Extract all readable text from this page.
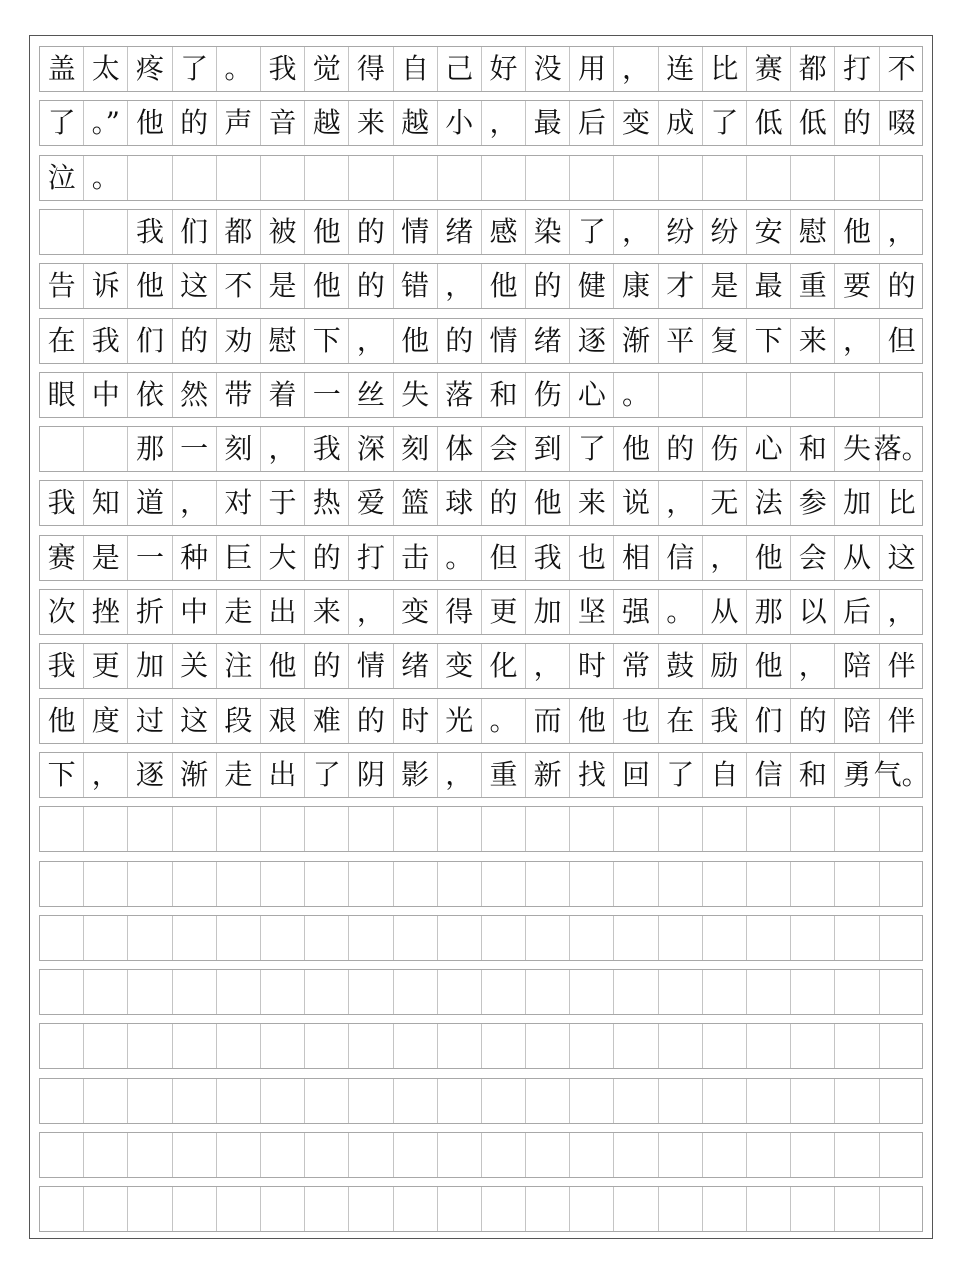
盖 太 疼 了 。 我 觉 得 自 己 好 没 用 ， 连 比 赛 都 打 不
了 。” 他 的 声 音 越 来 越 小 ， 最 后 变 成 了 低 低 的 啜
泣 。
我 们 都 被 他 的 情 绪 感 染 了 ， 纷 纷 安 慰 他 ，
告 诉 他 这 不 是 他 的 错 ， 他 的 健 康 才 是 最 重 要 的
在 我 们 的 劝 慰 下 ， 他 的 情 绪 逐 渐 平 复 下 来 ， 但
眼 中 依 然 带 着 一 丝 失 落 和 伤 心 。
那 一 刻 ， 我 深 刻 体 会 到 了 他 的 伤 心 和 失 落。
我 知 道 ， 对 于 热 爱 篮 球 的 他 来 说 ， 无 法 参 加 比
赛 是 一 种 巨 大 的 打 击 。 但 我 也 相 信 ， 他 会 从 这
次 挫 折 中 走 出 来 ， 变 得 更 加 坚 强 。 从 那 以 后 ，
我 更 加 关 注 他 的 情 绪 变 化 ， 时 常 鼓 励 他 ， 陪 伴
他 度 过 这 段 艰 难 的 时 光 。 而 他 也 在 我 们 的 陪 伴
下 ， 逐 渐 走 出 了 阴 影 ， 重 新 找 回 了 自 信 和 勇 气。
